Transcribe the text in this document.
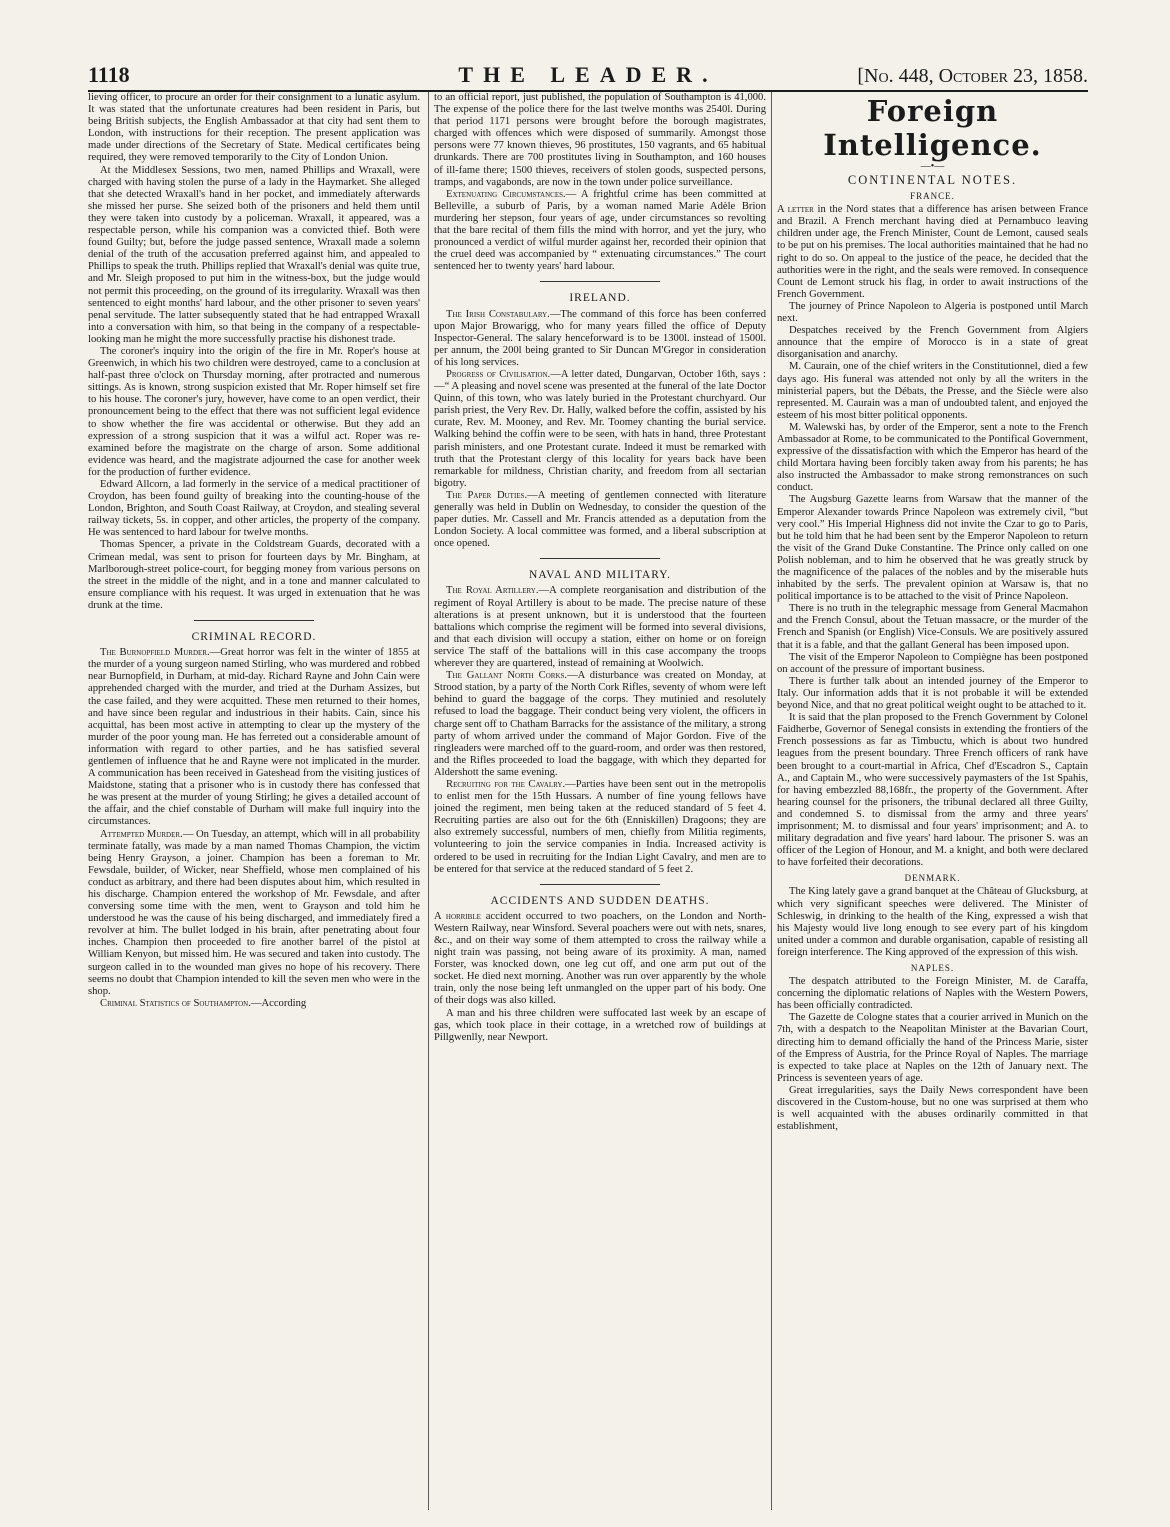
1118	THE LEADER.	[No. 448, October 23, 1858.

lieving officer, to procure an order for their consignment to a lunatic asylum. It was stated that the unfortunate creatures had been resident in Paris, but being British subjects, the English Ambassador at that city had sent them to London, with instructions for their reception. The present application was made under directions of the Secretary of State. Medical certificates being required, they were removed temporarily to the City of London Union.

At the Middlesex Sessions, two men, named Phillips and Wraxall, were charged with having stolen the purse of a lady in the Haymarket. She alleged that she detected Wraxall's hand in her pocket, and immediately afterwards she missed her purse. She seized both of the prisoners and held them until they were taken into custody by a policeman. Wraxall, it appeared, was a respectable person, while his companion was a convicted thief. Both were found Guilty; but, before the judge passed sentence, Wraxall made a solemn denial of the truth of the accusation preferred against him, and appealed to Phillips to speak the truth. Phillips replied that Wraxall's denial was quite true, and Mr. Sleigh proposed to put him in the witness-box, but the judge would not permit this proceeding, on the ground of its irregularity. Wraxall was then sentenced to eight months' hard labour, and the other prisoner to seven years' penal servitude. The latter subsequently stated that he had entrapped Wraxall into a conversation with him, so that being in the company of a respectable-looking man he might the more successfully practise his dishonest trade.

The coroner's inquiry into the origin of the fire in Mr. Roper's house at Greenwich, in which his two children were destroyed, came to a conclusion at half-past three o'clock on Thursday morning, after protracted and numerous sittings. As is known, strong suspicion existed that Mr. Roper himself set fire to his house. The coroner's jury, however, have come to an open verdict, their pronouncement being to the effect that there was not sufficient legal evidence to show whether the fire was accidental or otherwise. But they add an expression of a strong suspicion that it was a wilful act. Roper was re-examined before the magistrate on the charge of arson. Some additional evidence was heard, and the magistrate adjourned the case for another week for the production of further evidence.

Edward Allcorn, a lad formerly in the service of a medical practitioner of Croydon, has been found guilty of breaking into the counting-house of the London, Brighton, and South Coast Railway, at Croydon, and stealing several railway tickets, 5s. in copper, and other articles, the property of the company. He was sentenced to hard labour for twelve months.

Thomas Spencer, a private in the Coldstream Guards, decorated with a Crimean medal, was sent to prison for fourteen days by Mr. Bingham, at Marlborough-street police-court, for begging money from various persons on the street in the middle of the night, and in a tone and manner calculated to ensure compliance with his request. It was urged in extenuation that he was drunk at the time.

CRIMINAL RECORD.

The Burnopfield Murder.—Great horror was felt in the winter of 1855 at the murder of a young surgeon named Stirling, who was murdered and robbed near Burnopfield, in Durham, at mid-day. Richard Rayne and John Cain were apprehended charged with the murder, and tried at the Durham Assizes, but the case failed, and they were acquitted. These men returned to their homes, and have since been regular and industrious in their habits. Cain, since his acquittal, has been most active in attempting to clear up the mystery of the murder of the poor young man. He has ferreted out a considerable amount of information with regard to other parties, and he has satisfied several gentlemen of influence that he and Rayne were not implicated in the murder. A communication has been received in Gateshead from the visiting justices of Maidstone, stating that a prisoner who is in custody there has confessed that he was present at the murder of young Stirling; he gives a detailed account of the affair, and the chief constable of Durham will make full inquiry into the circumstances.

Attempted Murder.— On Tuesday, an attempt, which will in all probability terminate fatally, was made by a man named Thomas Champion, the victim being Henry Grayson, a joiner. Champion has been a foreman to Mr. Fewsdale, builder, of Wicker, near Sheffield, whose men complained of his conduct as arbitrary, and there had been disputes about him, which resulted in his discharge. Champion entered the workshop of Mr. Fewsdale, and after conversing some time with the men, went to Grayson and told him he understood he was the cause of his being discharged, and immediately fired a revolver at him. The bullet lodged in his brain, after penetrating about four inches. Champion then proceeded to fire another barrel of the pistol at William Kenyon, but missed him. He was secured and taken into custody. The surgeon called in to the wounded man gives no hope of his recovery. There seems no doubt that Champion intended to kill the seven men who were in the shop.

Criminal Statistics of Southampton.—According

to an official report, just published, the population of Southampton is 41,000. The expense of the police there for the last twelve months was 2540l. During that period 1171 persons were brought before the borough magistrates, charged with offences which were disposed of summarily. Amongst those persons were 77 known thieves, 96 prostitutes, 150 vagrants, and 65 habitual drunkards. There are 700 prostitutes living in Southampton, and 160 houses of ill-fame there; 1500 thieves, receivers of stolen goods, suspected persons, tramps, and vagabonds, are now in the town under police surveillance.

Extenuating Circumstances.— A frightful crime has been committed at Belleville, a suburb of Paris, by a woman named Marie Adèle Brion murdering her stepson, four years of age, under circumstances so revolting that the bare recital of them fills the mind with horror, and yet the jury, who pronounced a verdict of wilful murder against her, recorded their opinion that the cruel deed was accompanied by “ extenuating circumstances.” The court sentenced her to twenty years' hard labour.

IRELAND.

The Irish Constabulary.—The command of this force has been conferred upon Major Browarigg, who for many years filled the office of Deputy Inspector-General. The salary henceforward is to be 1300l. instead of 1500l. per annum, the 200l being granted to Sir Duncan M'Gregor in consideration of his long services.

Progress of Civilisation.—A letter dated, Dungarvan, October 16th, says :—“ A pleasing and novel scene was presented at the funeral of the late Doctor Quinn, of this town, who was lately buried in the Protestant churchyard. Our parish priest, the Very Rev. Dr. Hally, walked before the coffin, assisted by his curate, Rev. M. Mooney, and Rev. Mr. Toomey chanting the burial service. Walking behind the coffin were to be seen, with hats in hand, three Protestant parish ministers, and one Protestant curate. Indeed it must be remarked with truth that the Protestant clergy of this locality for years back have been remarkable for mildness, Christian charity, and freedom from all sectarian bigotry.

The Paper Duties.—A meeting of gentlemen connected with literature generally was held in Dublin on Wednesday, to consider the question of the paper duties. Mr. Cassell and Mr. Francis attended as a deputation from the London Society. A local committee was formed, and a liberal subscription at once opened.

NAVAL AND MILITARY.

The Royal Artillery.—A complete reorganisation and distribution of the regiment of Royal Artillery is about to be made. The precise nature of these alterations is at present unknown, but it is understood that the fourteen battalions which comprise the regiment will be formed into several divisions, and that each division will occupy a station, either on home or on foreign service The staff of the battalions will in this case accompany the troops wherever they are quartered, instead of remaining at Woolwich.

The Gallant North Corks.—A disturbance was created on Monday, at Strood station, by a party of the North Cork Rifles, seventy of whom were left behind to guard the baggage of the corps. They mutinied and resolutely refused to load the baggage. Their conduct being very violent, the officers in charge sent off to Chatham Barracks for the assistance of the military, a strong party of whom arrived under the command of Major Gordon. Five of the ringleaders were marched off to the guard-room, and order was then restored, and the Rifles proceeded to load the baggage, with which they departed for Aldershott the same evening.

Recruiting for the Cavalry.—Parties have been sent out in the metropolis to enlist men for the 15th Hussars. A number of fine young fellows have joined the regiment, men being taken at the reduced standard of 5 feet 4. Recruiting parties are also out for the 6th (Enniskillen) Dragoons; they are also extremely successful, numbers of men, chiefly from Militia regiments, volunteering to join the service companies in India. Increased activity is ordered to be used in recruiting for the Indian Light Cavalry, and men are to be entered for that service at the reduced standard of 5 feet 2.

ACCIDENTS AND SUDDEN DEATHS.

A horrible accident occurred to two poachers, on the London and North-Western Railway, near Winsford. Several poachers were out with nets, snares, &c., and on their way some of them attempted to cross the railway while a night train was passing, not being aware of its proximity. A man, named Forster, was knocked down, one leg cut off, and one arm put out of the socket. He died next morning. Another was run over apparently by the whole train, only the nose being left unmangled on the upper part of his body. One of their dogs was also killed.

A man and his three children were suffocated last week by an escape of gas, which took place in their cottage, in a wretched row of buildings at Pillgwenlly, near Newport.

Foreign Intelligence.
—•—
CONTINENTAL NOTES.
FRANCE.

A letter in the Nord states that a difference has arisen between France and Brazil. A French merchant having died at Pernambuco leaving children under age, the French Minister, Count de Lemont, caused seals to be put on his premises. The local authorities maintained that he had no right to do so. On appeal to the justice of the peace, he decided that the authorities were in the right, and the seals were removed. In consequence Count de Lemont struck his flag, in order to await instructions of the French Government.

The journey of Prince Napoleon to Algeria is postponed until March next.

Despatches received by the French Government from Algiers announce that the empire of Morocco is in a state of great disorganisation and anarchy.

M. Caurain, one of the chief writers in the Constitutionnel, died a few days ago. His funeral was attended not only by all the writers in the ministerial papers, but the Débats, the Presse, and the Siècle were also represented. M. Caurain was a man of undoubted talent, and enjoyed the esteem of his most bitter political opponents.

M. Walewski has, by order of the Emperor, sent a note to the French Ambassador at Rome, to be communicated to the Pontifical Government, expressive of the dissatisfaction with which the Emperor has heard of the child Mortara having been forcibly taken away from his parents; he has also instructed the Ambassador to make strong remonstrances on such conduct.

The Augsburg Gazette learns from Warsaw that the manner of the Emperor Alexander towards Prince Napoleon was extremely civil, “but very cool.” His Imperial Highness did not invite the Czar to go to Paris, but he told him that he had been sent by the Emperor Napoleon to return the visit of the Grand Duke Constantine. The Prince only called on one Polish nobleman, and to him he observed that he was greatly struck by the magnificence of the palaces of the nobles and by the miserable huts inhabited by the serfs. The prevalent opinion at Warsaw is, that no political importance is to be attached to the visit of Prince Napoleon.

There is no truth in the telegraphic message from General Macmahon and the French Consul, about the Tetuan massacre, or the murder of the French and Spanish (or English) Vice-Consuls. We are positively assured that it is a fable, and that the gallant General has been imposed upon.

The visit of the Emperor Napoleon to Compiègne has been postponed on account of the pressure of important business.

There is further talk about an intended journey of the Emperor to Italy. Our information adds that it is not probable it will be extended beyond Nice, and that no great political weight ought to be attached to it.

It is said that the plan proposed to the French Government by Colonel Faidherbe, Governor of Senegal consists in extending the frontiers of the French possessions as far as Timbuctu, which is about two hundred leagues from the present boundary. Three French officers of rank have been brought to a court-martial in Africa, Chef d'Escadron S., Captain A., and Captain M., who were successively paymasters of the 1st Spahis, for having embezzled 88,168fr., the property of the Government. After hearing counsel for the prisoners, the tribunal declared all three Guilty, and condemned S. to dismissal from the army and three years' imprisonment; M. to dismissal and four years' imprisonment; and A. to military degradation and five years' hard labour. The prisoner S. was an officer of the Legion of Honour, and M. a knight, and both were declared to have forfeited their decorations.

DENMARK.

The King lately gave a grand banquet at the Château of Glucksburg, at which very significant speeches were delivered. The Minister of Schleswig, in drinking to the health of the King, expressed a wish that his Majesty would live long enough to see every part of his kingdom united under a common and durable organisation, capable of resisting all foreign interference. The King approved of the expression of this wish.

NAPLES.

The despatch attributed to the Foreign Minister, M. de Caraffa, concerning the diplomatic relations of Naples with the Western Powers, has been officially contradicted.

The Gazette de Cologne states that a courier arrived in Munich on the 7th, with a despatch to the Neapolitan Minister at the Bavarian Court, directing him to demand officially the hand of the Princess Marie, sister of the Empress of Austria, for the Prince Royal of Naples. The marriage is expected to take place at Naples on the 12th of January next. The Princess is seventeen years of age.

Great irregularities, says the Daily News correspondent have been discovered in the Custom-house, but no one was surprised at them who is well acquainted with the abuses ordinarily committed in that establishment,
